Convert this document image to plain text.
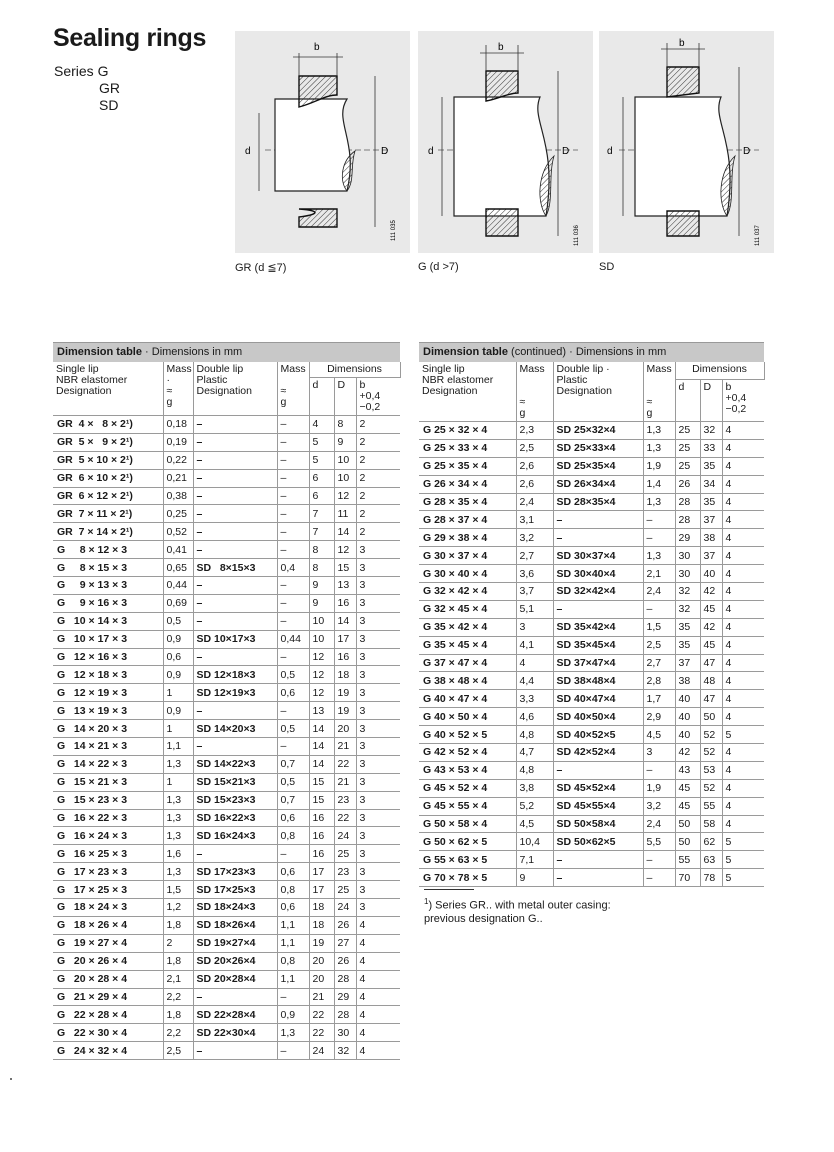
Sealing rings
Series G
GR
SD
b
d	D
111 035
GR (d ≦7)
b
d	D
111 036
G (d >7)
b
d	D
111 037
SD
Dimension table · Dimensions in mm
Single lip
NBR elastomer
Designation	Mass
·
≈
g	Double lip
Plastic
Designation	Mass

≈
g	Dimensions		
				d	D	b
+0,4
−0,2
GR  4 ×   8 × 2¹)	0,18	–	–	4	8	2
GR  5 ×   9 × 2¹)	0,19	–	–	5	9	2
GR  5 × 10 × 2¹)	0,22	–	–	5	10	2
GR  6 × 10 × 2¹)	0,21	–	–	6	10	2
GR  6 × 12 × 2¹)	0,38	–	–	6	12	2
GR  7 × 11 × 2¹)	0,25	–	–	7	11	2
GR  7 × 14 × 2¹)	0,52	–	–	7	14	2
G     8 × 12 × 3	0,41	–	–	8	12	3
G     8 × 15 × 3	0,65	SD   8×15×3	0,4	8	15	3
G     9 × 13 × 3	0,44	–	–	9	13	3
G     9 × 16 × 3	0,69	–	–	9	16	3
G   10 × 14 × 3	0,5	–	–	10	14	3
G   10 × 17 × 3	0,9	SD 10×17×3	0,44	10	17	3
G   12 × 16 × 3	0,6	–	–	12	16	3
G   12 × 18 × 3	0,9	SD 12×18×3	0,5	12	18	3
G   12 × 19 × 3	1	SD 12×19×3	0,6	12	19	3
G   13 × 19 × 3	0,9	–	–	13	19	3
G   14 × 20 × 3	1	SD 14×20×3	0,5	14	20	3
G   14 × 21 × 3	1,1	–	–	14	21	3
G   14 × 22 × 3	1,3	SD 14×22×3	0,7	14	22	3
G   15 × 21 × 3	1	SD 15×21×3	0,5	15	21	3
G   15 × 23 × 3	1,3	SD 15×23×3	0,7	15	23	3
G   16 × 22 × 3	1,3	SD 16×22×3	0,6	16	22	3
G   16 × 24 × 3	1,3	SD 16×24×3	0,8	16	24	3
G   16 × 25 × 3	1,6	–	–	16	25	3
G   17 × 23 × 3	1,3	SD 17×23×3	0,6	17	23	3
G   17 × 25 × 3	1,5	SD 17×25×3	0,8	17	25	3
G   18 × 24 × 3	1,2	SD 18×24×3	0,6	18	24	3
G   18 × 26 × 4	1,8	SD 18×26×4	1,1	18	26	4
G   19 × 27 × 4	2	SD 19×27×4	1,1	19	27	4
G   20 × 26 × 4	1,8	SD 20×26×4	0,8	20	26	4
G   20 × 28 × 4	2,1	SD 20×28×4	1,1	20	28	4
G   21 × 29 × 4	2,2	–	–	21	29	4
G   22 × 28 × 4	1,8	SD 22×28×4	0,9	22	28	4
G   22 × 30 × 4	2,2	SD 22×30×4	1,3	22	30	4
G   24 × 32 × 4	2,5	–	–	24	32	4
Dimension table (continued) · Dimensions in mm
Single lip
NBR elastomer
Designation	Mass

≈
g	Double lip ·
Plastic
Designation	Mass

≈
g	Dimensions		
				d	D	b
+0,4
−0,2
G 25 × 32 × 4	2,3	SD 25×32×4	1,3	25	32	4
G 25 × 33 × 4	2,5	SD 25×33×4	1,3	25	33	4
G 25 × 35 × 4	2,6	SD 25×35×4	1,9	25	35	4
G 26 × 34 × 4	2,6	SD 26×34×4	1,4	26	34	4
G 28 × 35 × 4	2,4	SD 28×35×4	1,3	28	35	4
G 28 × 37 × 4	3,1	–	–	28	37	4
G 29 × 38 × 4	3,2	–	–	29	38	4
G 30 × 37 × 4	2,7	SD 30×37×4	1,3	30	37	4
G 30 × 40 × 4	3,6	SD 30×40×4	2,1	30	40	4
G 32 × 42 × 4	3,7	SD 32×42×4	2,4	32	42	4
G 32 × 45 × 4	5,1	–	–	32	45	4
G 35 × 42 × 4	3	SD 35×42×4	1,5	35	42	4
G 35 × 45 × 4	4,1	SD 35×45×4	2,5	35	45	4
G 37 × 47 × 4	4	SD 37×47×4	2,7	37	47	4
G 38 × 48 × 4	4,4	SD 38×48×4	2,8	38	48	4
G 40 × 47 × 4	3,3	SD 40×47×4	1,7	40	47	4
G 40 × 50 × 4	4,6	SD 40×50×4	2,9	40	50	4
G 40 × 52 × 5	4,8	SD 40×52×5	4,5	40	52	5
G 42 × 52 × 4	4,7	SD 42×52×4	3	42	52	4
G 43 × 53 × 4	4,8	–	–	43	53	4
G 45 × 52 × 4	3,8	SD 45×52×4	1,9	45	52	4
G 45 × 55 × 4	5,2	SD 45×55×4	3,2	45	55	4
G 50 × 58 × 4	4,5	SD 50×58×4	2,4	50	58	4
G 50 × 62 × 5	10,4	SD 50×62×5	5,5	50	62	5
G 55 × 63 × 5	7,1	–	–	55	63	5
G 70 × 78 × 5	9	–	–	70	78	5
$^1$) Series GR.. with metal outer casing:
previous designation G..
